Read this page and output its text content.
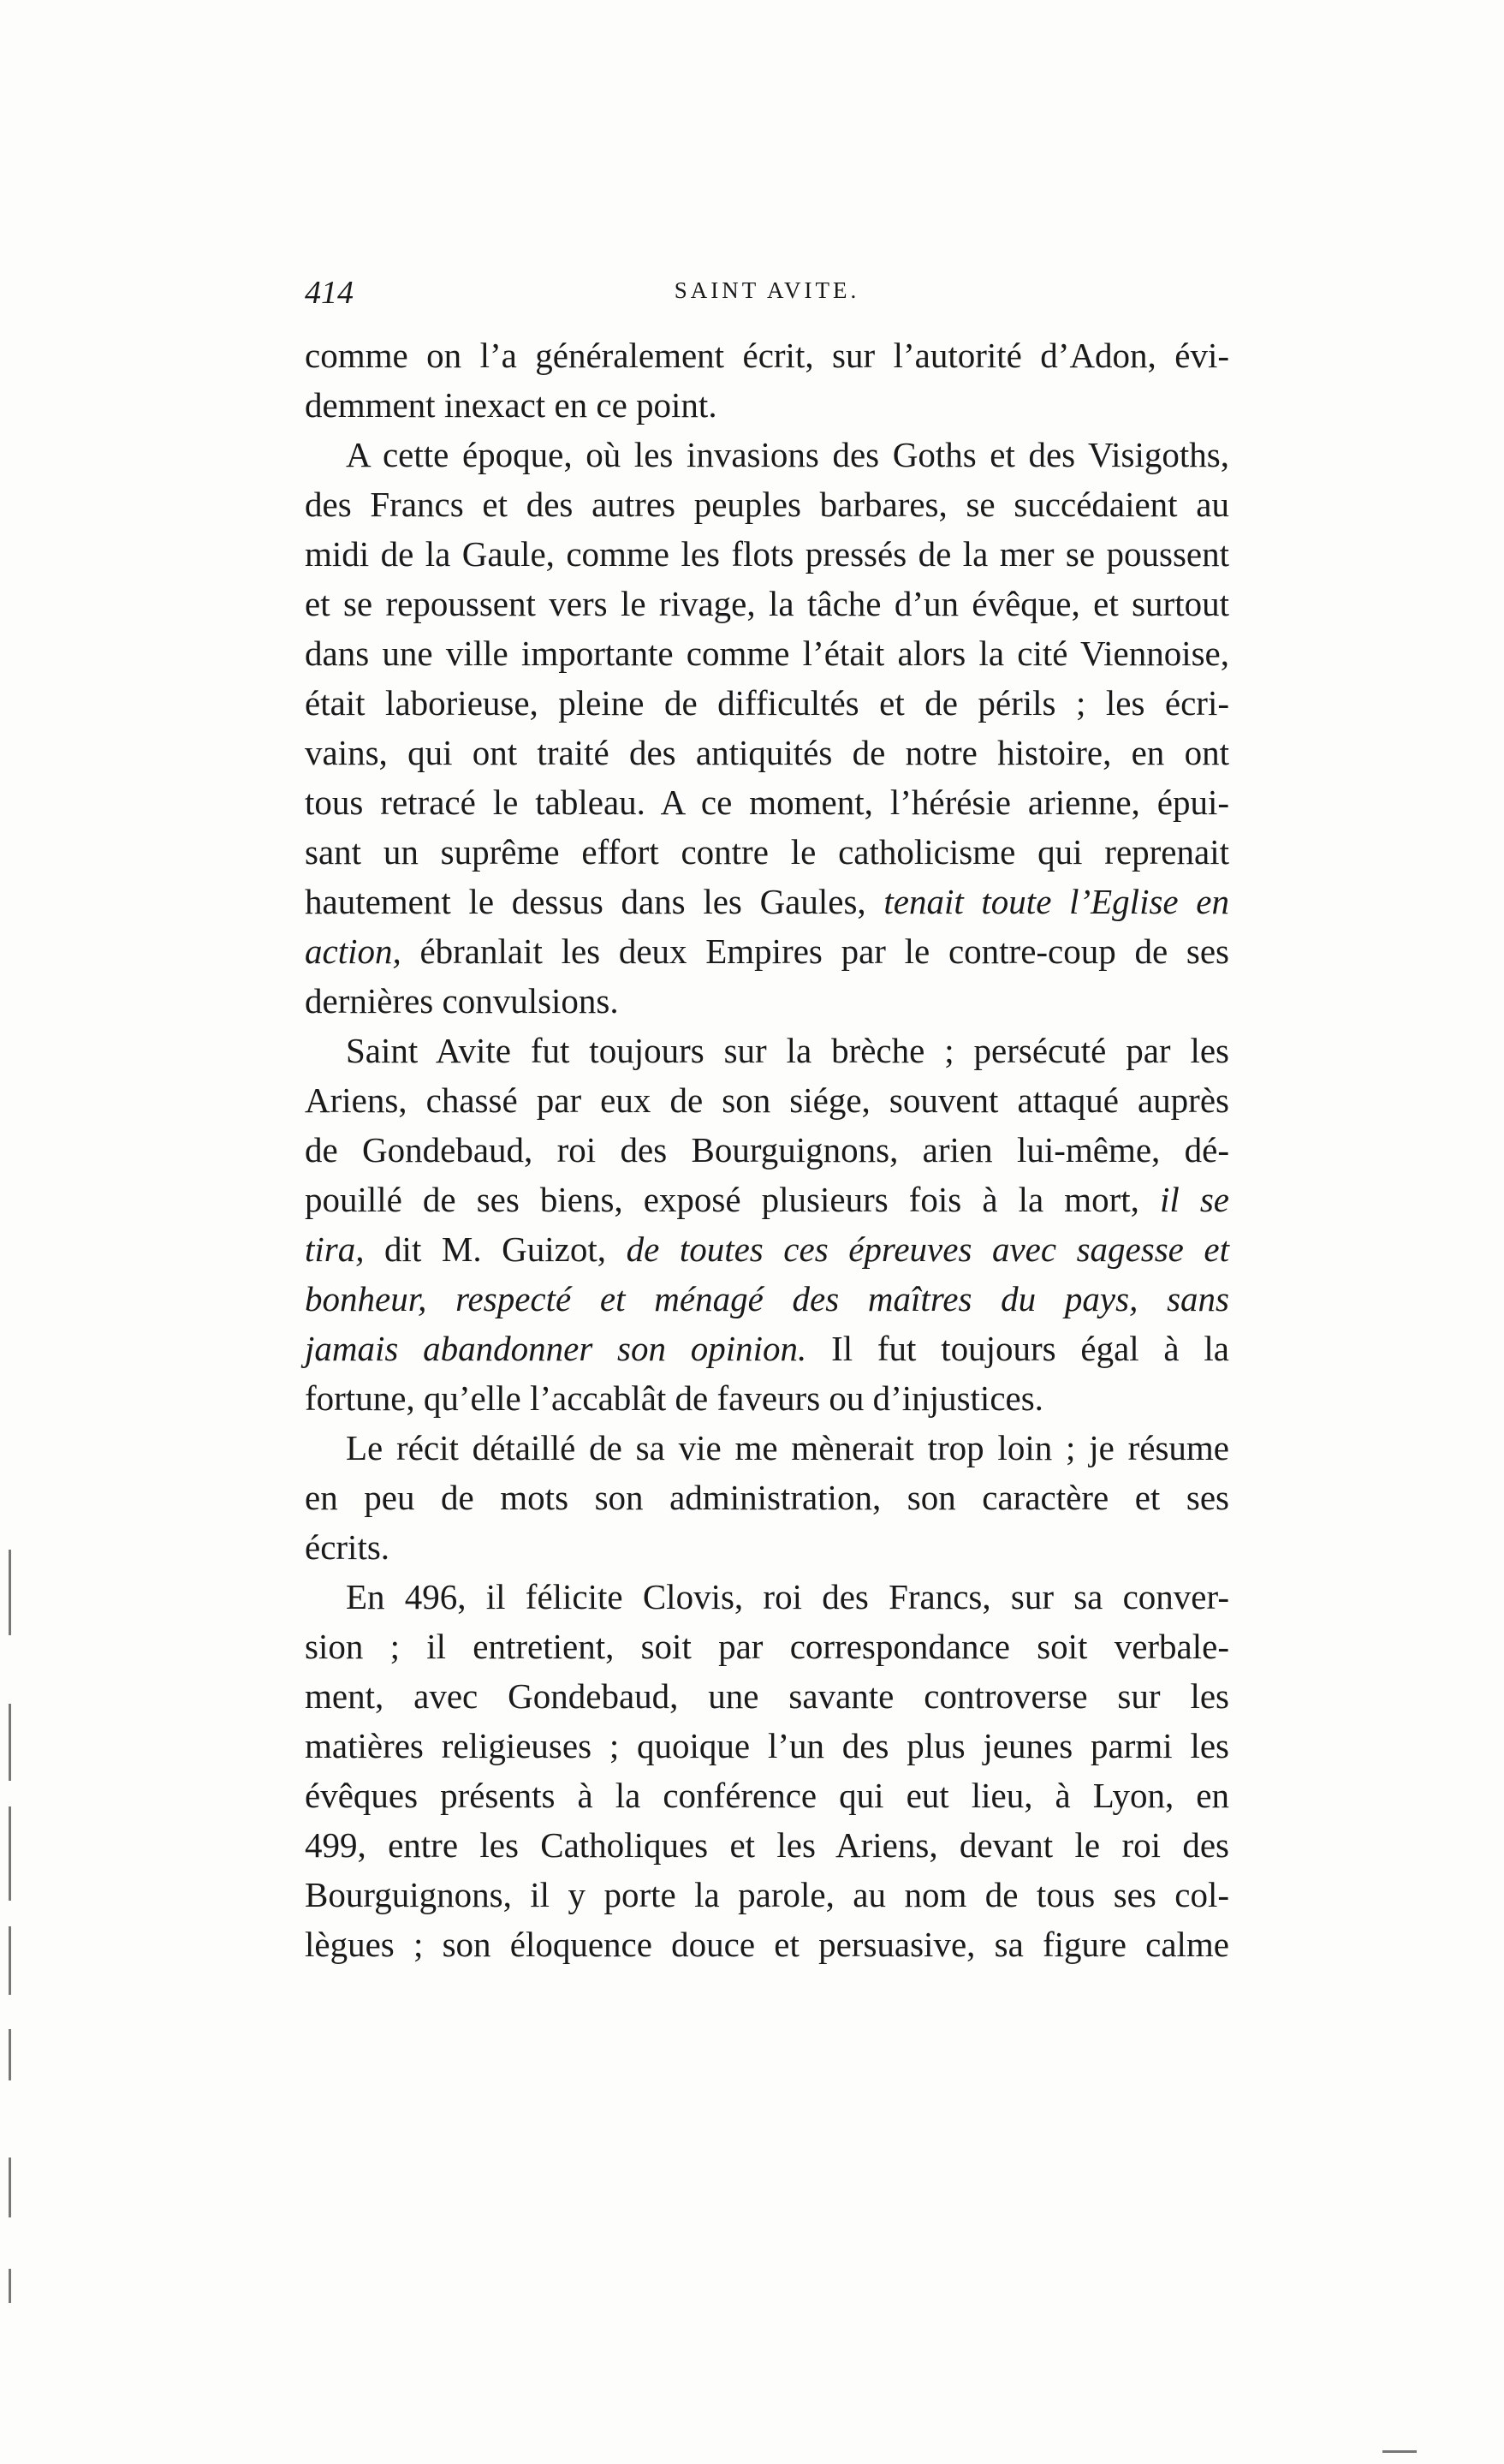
414	SAINT AVITE.
comme on l’a généralement écrit, sur l’autorité d’Adon, évi-
demment inexact en ce point.
A cette époque, où les invasions des Goths et des Visigoths,
des Francs et des autres peuples barbares, se succédaient au
midi de la Gaule, comme les flots pressés de la mer se poussent
et se repoussent vers le rivage, la tâche d’un évêque, et surtout
dans une ville importante comme l’était alors la cité Viennoise,
était laborieuse, pleine de difficultés et de périls ; les écri-
vains, qui ont traité des antiquités de notre histoire, en ont
tous retracé le tableau. A ce moment, l’hérésie arienne, épui-
sant un suprême effort contre le catholicisme qui reprenait
hautement le dessus dans les Gaules, tenait toute l’Eglise en
action, ébranlait les deux Empires par le contre-coup de ses
dernières convulsions.
Saint Avite fut toujours sur la brèche ; persécuté par les
Ariens, chassé par eux de son siége, souvent attaqué auprès
de Gondebaud, roi des Bourguignons, arien lui-même, dé-
pouillé de ses biens, exposé plusieurs fois à la mort, il se
tira, dit M. Guizot, de toutes ces épreuves avec sagesse et
bonheur, respecté et ménagé des maîtres du pays, sans
jamais abandonner son opinion. Il fut toujours égal à la
fortune, qu’elle l’accablât de faveurs ou d’injustices.
Le récit détaillé de sa vie me mènerait trop loin ; je résume
en peu de mots son administration, son caractère et ses
écrits.
En 496, il félicite Clovis, roi des Francs, sur sa conver-
sion ; il entretient, soit par correspondance soit verbale-
ment, avec Gondebaud, une savante controverse sur les
matières religieuses ; quoique l’un des plus jeunes parmi les
évêques présents à la conférence qui eut lieu, à Lyon, en
499, entre les Catholiques et les Ariens, devant le roi des
Bourguignons, il y porte la parole, au nom de tous ses col-
lègues ; son éloquence douce et persuasive, sa figure calme
